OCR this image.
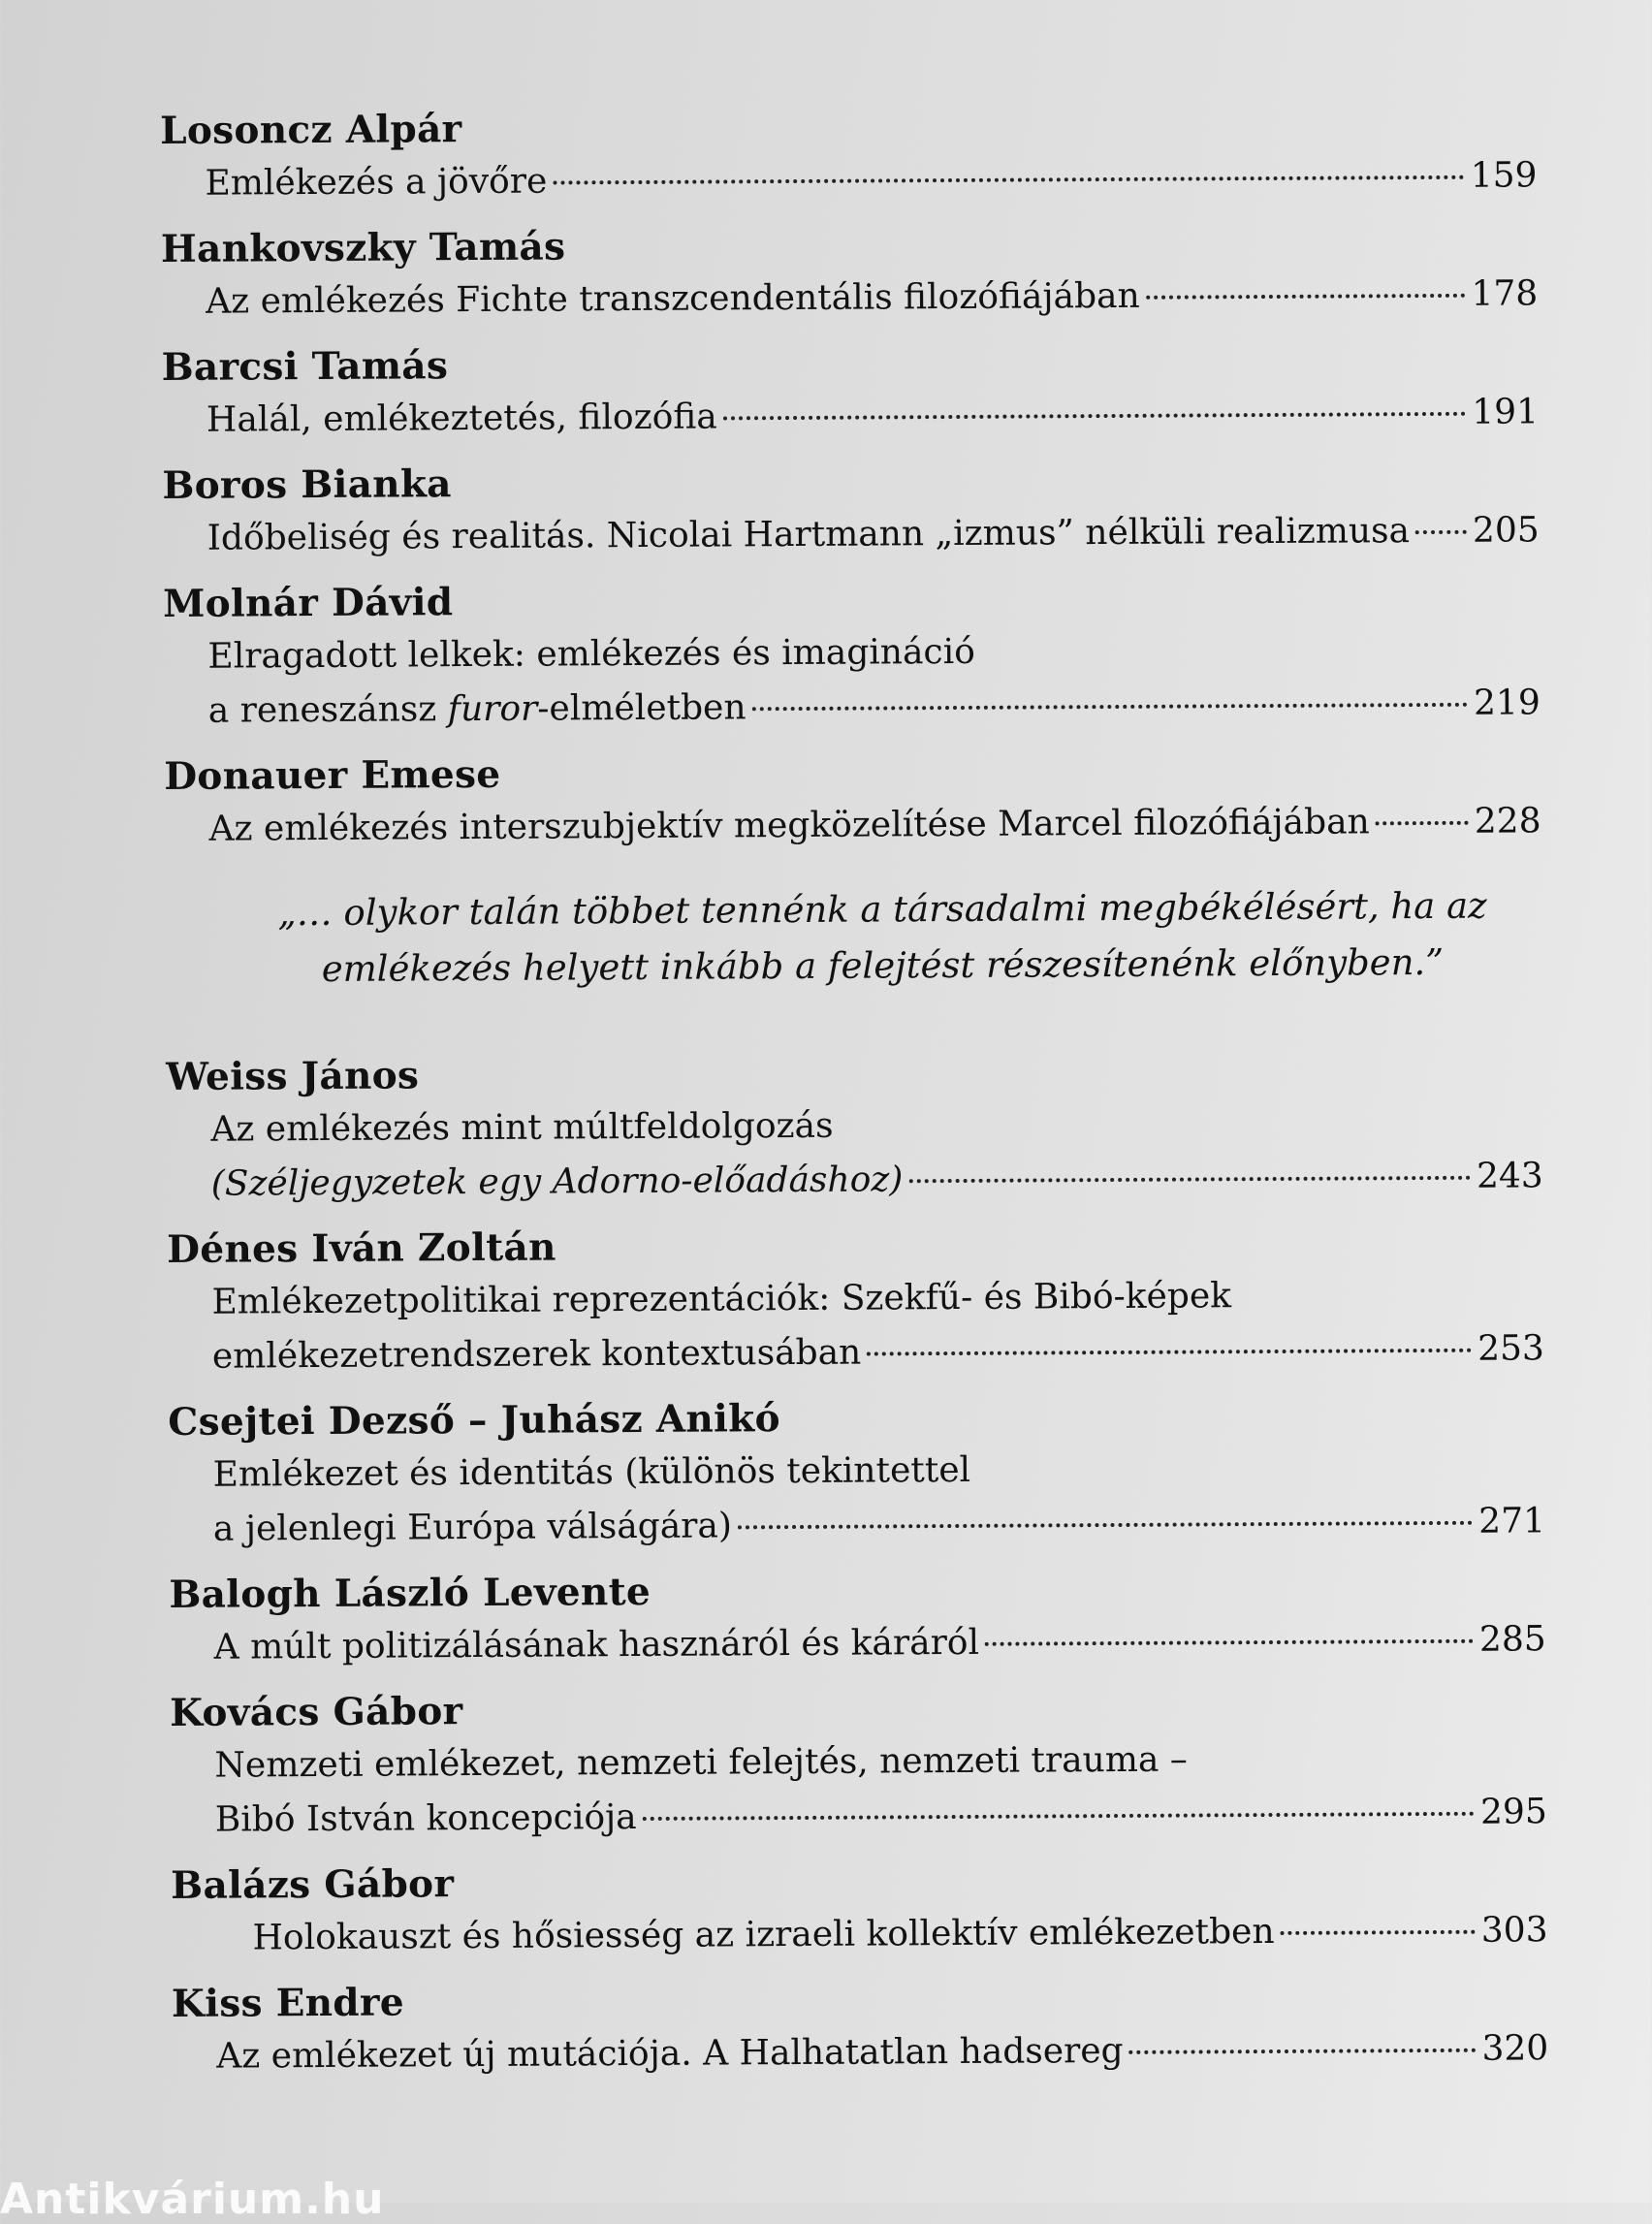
Losoncz Alpár
Emlékezés a jövőre	159
Hankovszky Tamás
Az emlékezés Fichte transzcendentális filozófiájában	178
Barcsi Tamás
Halál, emlékeztetés, filozófia	191
Boros Bianka
Időbeliség és realitás. Nicolai Hartmann „izmus” nélküli realizmusa 205
Molnár Dávid
Elragadott lelkek: emlékezés és imagináció
a reneszánsz furor-elméletben	219
Donauer Emese
Az emlékezés interszubjektív megközelítése Marcel filozófiájában	228
„… olykor talán többet tennénk a társadalmi megbékélésért, ha az
emlékezés helyett inkább a felejtést részesítenénk előnyben.”
Weiss János
Az emlékezés mint múltfeldolgozás
(Széljegyzetek egy Adorno-előadáshoz)	243
Dénes Iván Zoltán
Emlékezetpolitikai reprezentációk: Szekfű- és Bibó-képek
emlékezetrendszerek kontextusában	253
Csejtei Dezső – Juhász Anikó
Emlékezet és identitás (különös tekintettel
a jelenlegi Európa válságára)	271
Balogh László Levente
A múlt politizálásának hasznáról és káráról	285
Kovács Gábor
Nemzeti emlékezet, nemzeti felejtés, nemzeti trauma –
Bibó István koncepciója	295
Balázs Gábor
Holokauszt és hősiesség az izraeli kollektív emlékezetben	303
Kiss Endre
Az emlékezet új mutációja. A Halhatatlan hadsereg	320
Antikvárium.hu
